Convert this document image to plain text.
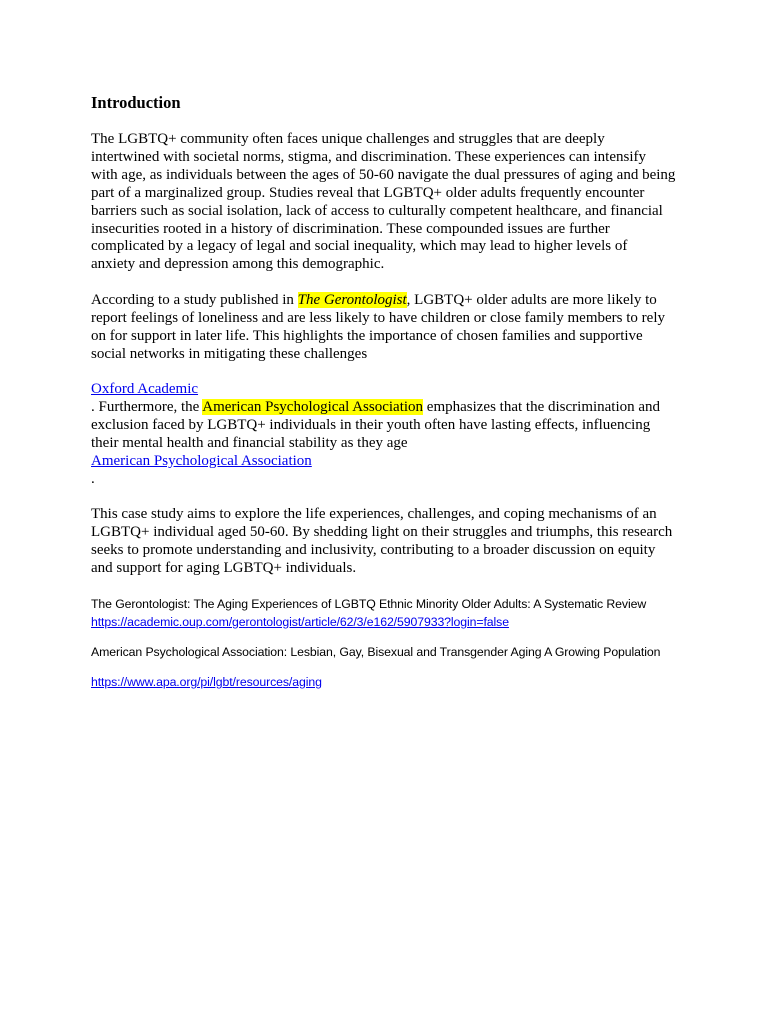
Introduction
The LGBTQ+ community often faces unique challenges and struggles that are deeply
intertwined with societal norms, stigma, and discrimination. These experiences can intensify
with age, as individuals between the ages of 50-60 navigate the dual pressures of aging and being
part of a marginalized group. Studies reveal that LGBTQ+ older adults frequently encounter
barriers such as social isolation, lack of access to culturally competent healthcare, and financial
insecurities rooted in a history of discrimination. These compounded issues are further
complicated by a legacy of legal and social inequality, which may lead to higher levels of
anxiety and depression among this demographic.
According to a study published in The Gerontologist, LGBTQ+ older adults are more likely to
report feelings of loneliness and are less likely to have children or close family members to rely
on for support in later life. This highlights the importance of chosen families and supportive
social networks in mitigating these challenges
Oxford Academic
. Furthermore, the American Psychological Association emphasizes that the discrimination and
exclusion faced by LGBTQ+ individuals in their youth often have lasting effects, influencing
their mental health and financial stability as they age
American Psychological Association
.
This case study aims to explore the life experiences, challenges, and coping mechanisms of an
LGBTQ+ individual aged 50-60. By shedding light on their struggles and triumphs, this research
seeks to promote understanding and inclusivity, contributing to a broader discussion on equity
and support for aging LGBTQ+ individuals.
The Gerontologist: The Aging Experiences of LGBTQ Ethnic Minority Older Adults: A Systematic Review
https://academic.oup.com/gerontologist/article/62/3/e162/5907933?login=false
American Psychological Association: Lesbian, Gay, Bisexual and Transgender Aging A Growing Population
https://www.apa.org/pi/lgbt/resources/aging
